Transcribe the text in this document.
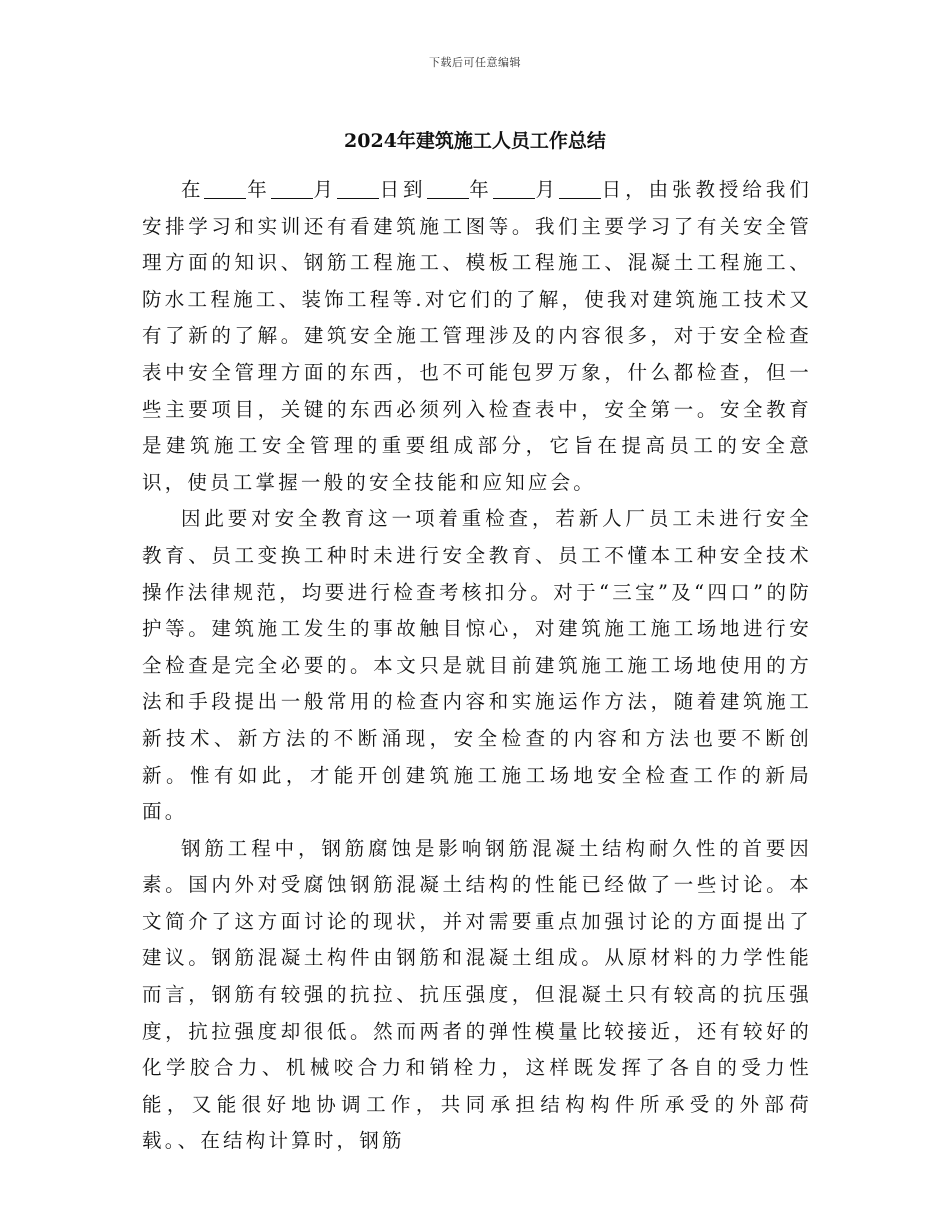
下载后可任意编辑
2024年建筑施工人员工作总结

在 年 月 日到 年 月 日，由张教授给我们安排学习和实训还有看建筑施工图等。我们主要学习了有关安全管理方面的知识、钢筋工程施工、模板工程施工、混凝土工程施工、防水工程施工、装饰工程等.对它们的了解，使我对建筑施工技术又有了新的了解。建筑安全施工管理涉及的内容很多，对于安全检查表中安全管理方面的东西，也不可能包罗万象，什么都检查，但一些主要项目，关键的东西必须列入检查表中，安全第一。安全教育是建筑施工安全管理的重要组成部分，它旨在提高员工的安全意识，使员工掌握一般的安全技能和应知应会。

因此要对安全教育这一项着重检查，若新人厂员工未进行安全教育、员工变换工种时未进行安全教育、员工不懂本工种安全技术操作法律规范，均要进行检查考核扣分。对于“三宝”及“四口”的防护等。建筑施工发生的事故触目惊心，对建筑施工施工场地进行安全检查是完全必要的。本文只是就目前建筑施工施工场地使用的方法和手段提出一般常用的检查内容和实施运作方法，随着建筑施工新技术、新方法的不断涌现，安全检查的内容和方法也要不断创新。惟有如此，才能开创建筑施工施工场地安全检查工作的新局面。

钢筋工程中，钢筋腐蚀是影响钢筋混凝土结构耐久性的首要因素。国内外对受腐蚀钢筋混凝土结构的性能已经做了一些讨论。本文简介了这方面讨论的现状，并对需要重点加强讨论的方面提出了建议。钢筋混凝土构件由钢筋和混凝土组成。从原材料的力学性能而言，钢筋有较强的抗拉、抗压强度，但混凝土只有较高的抗压强度，抗拉强度却很低。然而两者的弹性模量比较接近，还有较好的化学胶合力、机械咬合力和销栓力，这样既发挥了各自的受力性能，又能很好地协调工作，共同承担结构构件所承受的外部荷载。、在结构计算时，钢筋
